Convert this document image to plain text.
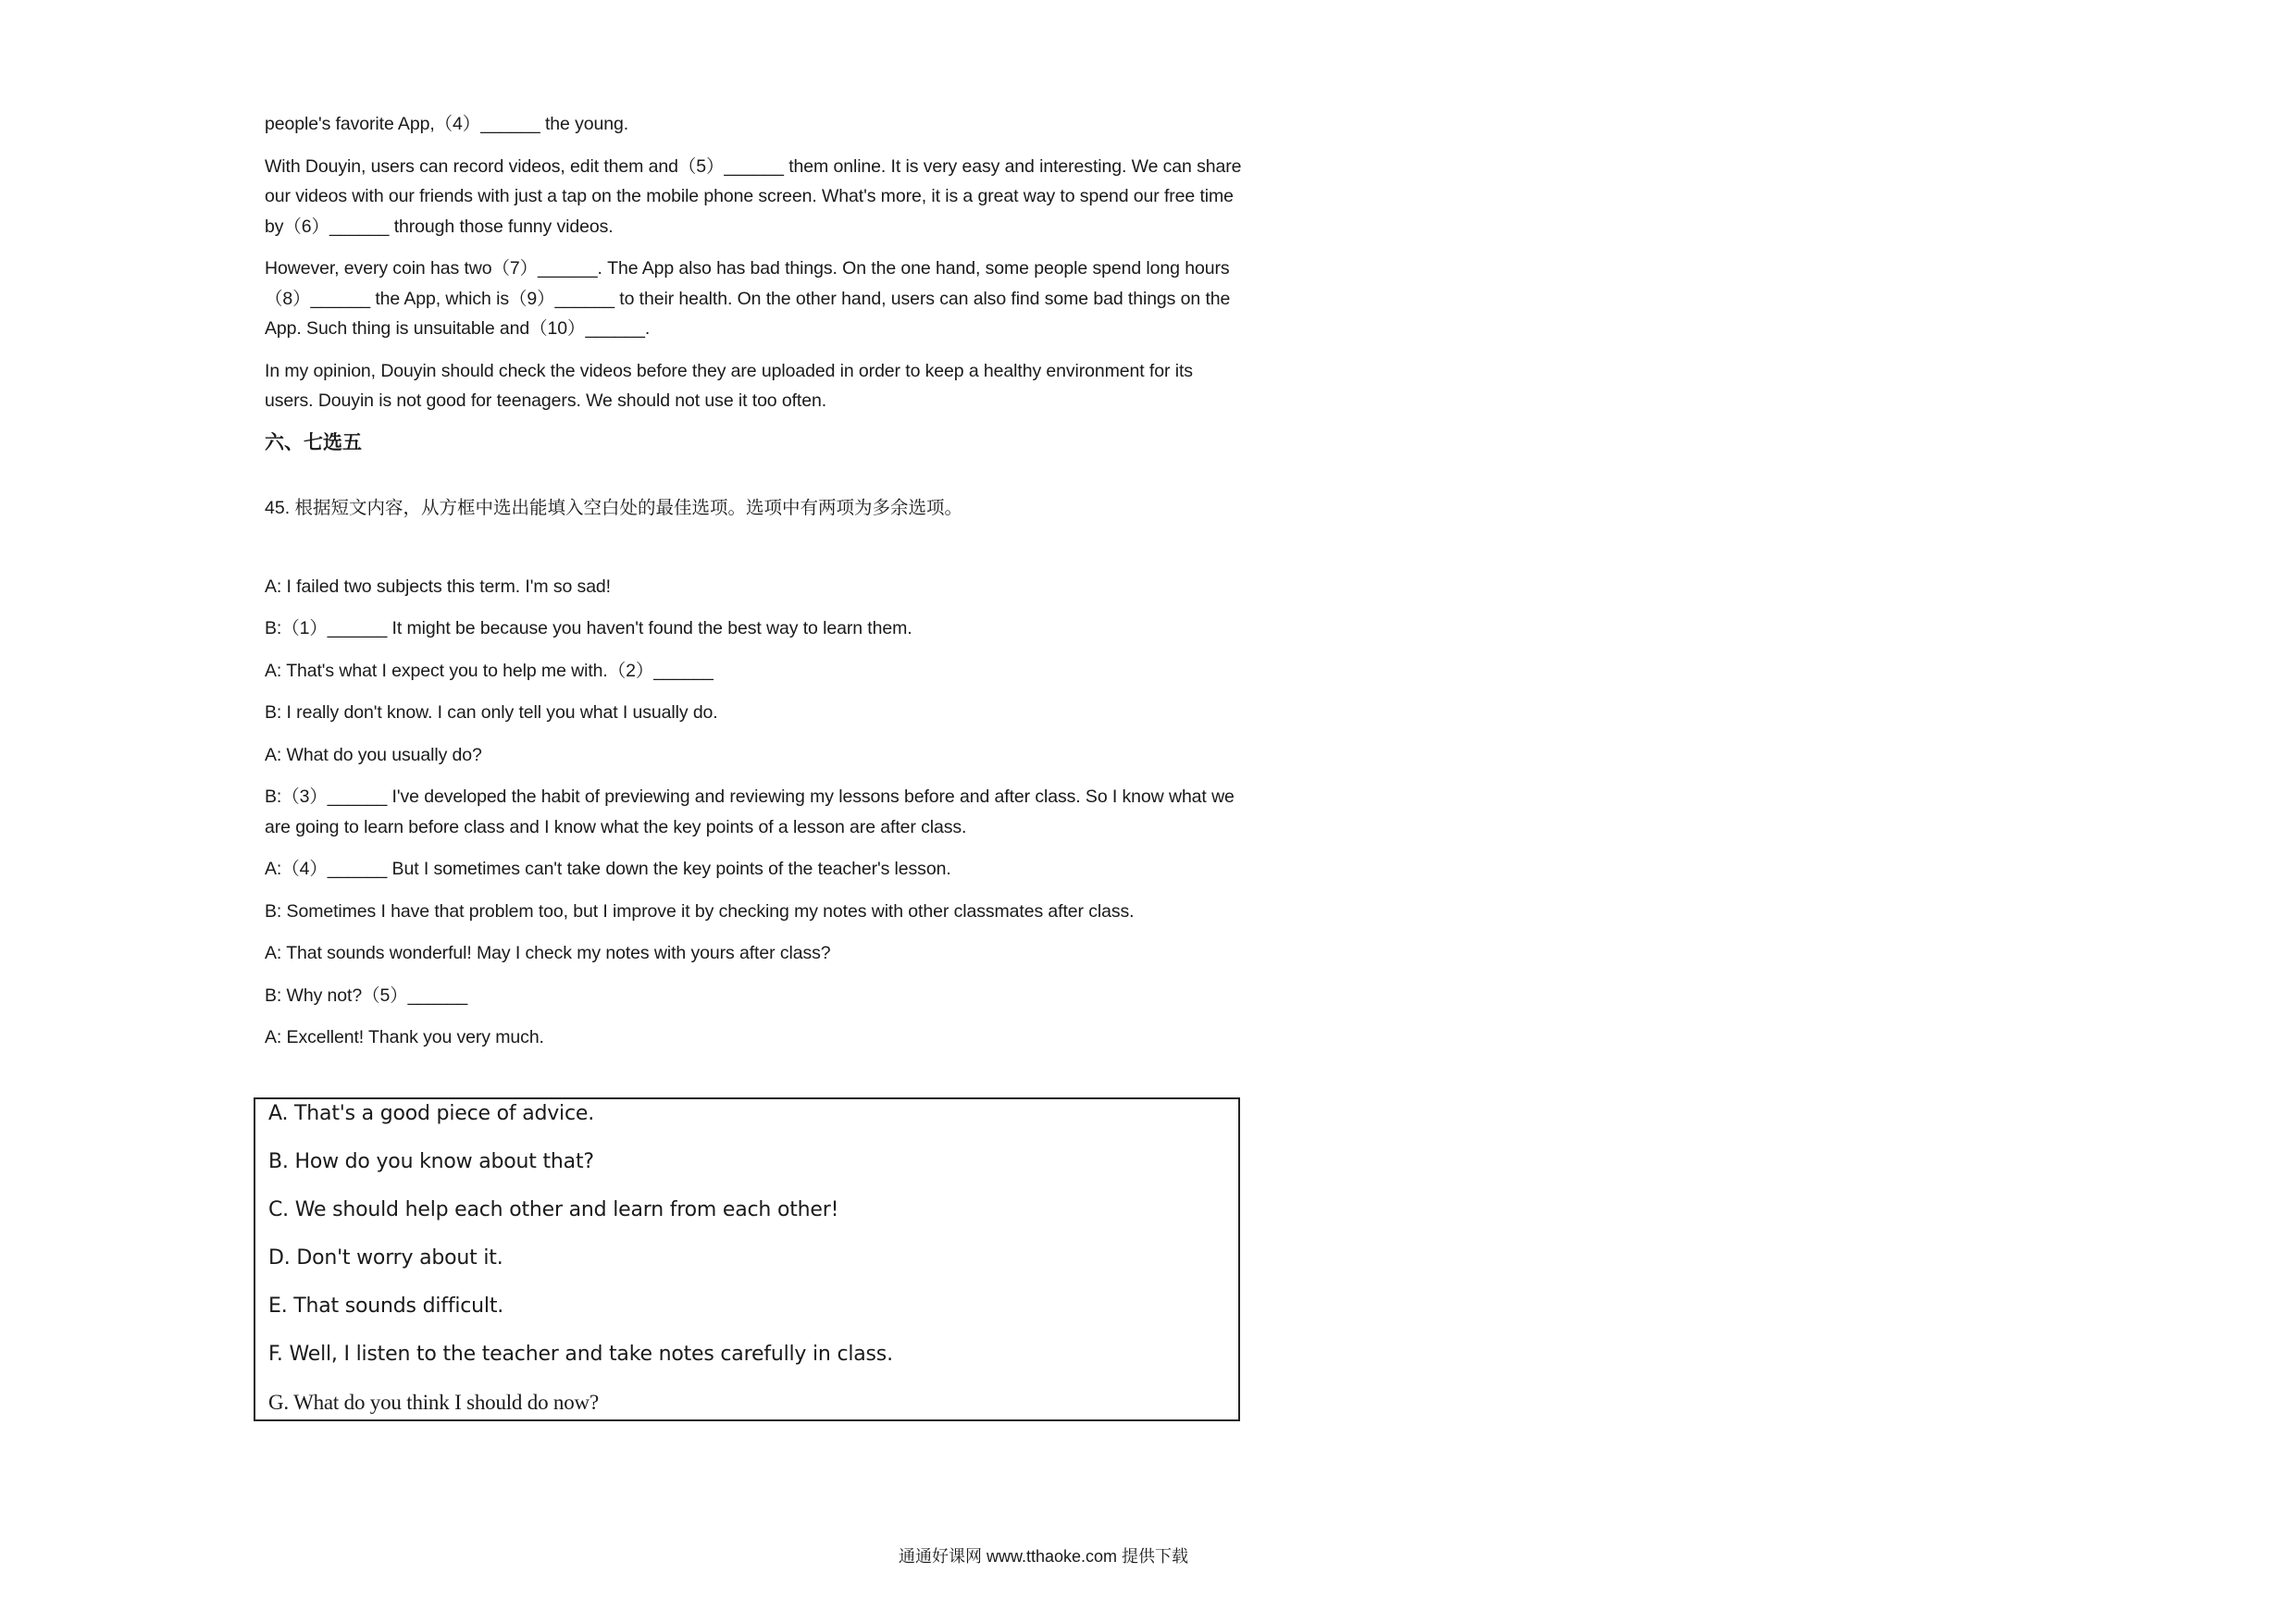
people's favorite App,（4）______ the young.

With Douyin, users can record videos, edit them and（5）______ them online. It is very easy and interesting. We can share our videos with our friends with just a tap on the mobile phone screen. What's more, it is a great way to spend our free time by（6）______ through those funny videos.

However, every coin has two（7）______. The App also has bad things. On the one hand, some people spend long hours（8）______ the App, which is（9）______ to their health. On the other hand, users can also find some bad things on the App. Such thing is unsuitable and（10）______.

In my opinion, Douyin should check the videos before they are uploaded in order to keep a healthy environment for its users. Douyin is not good for teenagers. We should not use it too often.

六、七选五
45. 根据短文内容，从方框中选出能填入空白处的最佳选项。选项中有两项为多余选项。

A: I failed two subjects this term. I'm so sad!

B:（1）______ It might be because you haven't found the best way to learn them.

A: That's what I expect you to help me with.（2）______

B: I really don't know. I can only tell you what I usually do.

A: What do you usually do?

B:（3）______ I've developed the habit of previewing and reviewing my lessons before and after class. So I know what we are going to learn before class and I know what the key points of a lesson are after class.

A:（4）______ But I sometimes can't take down the key points of the teacher's lesson.

B: Sometimes I have that problem too, but I improve it by checking my notes with other classmates after class.

A: That sounds wonderful! May I check my notes with yours after class?

B: Why not?（5）______

A: Excellent! Thank you very much.

A. That's a good piece of advice.
B. How do you know about that?
C. We should help each other and learn from each other!
D. Don't worry about it.
E. That sounds difficult.
F. Well, I listen to the teacher and take notes carefully in class.
G. What do you think I should do now?
通通好课网 www.tthaoke.com 提供下载
